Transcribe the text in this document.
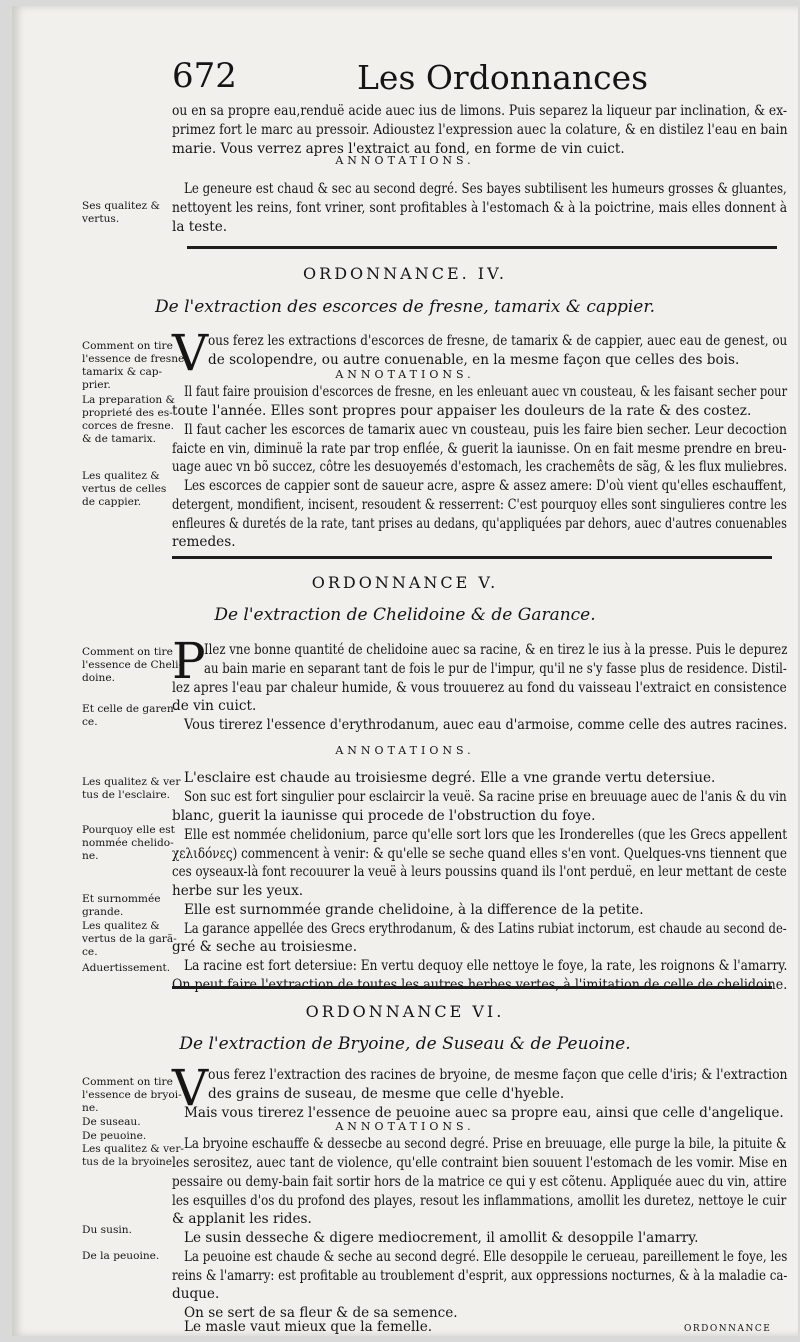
672	Les Ordonnances
ou en sa propre eau,renduë acide auec ius de limons. Puis separez la liqueur par inclination, & ex-
primez fort le marc au pressoir. Adioustez l'expression auec la colature, & en distilez l'eau en bain
marie. Vous verrez apres l'extraict au fond, en forme de vin cuict.
ANNOTATIONS.
Le geneure est chaud & sec au second degré. Ses bayes subtilisent les humeurs grosses & gluantes,
nettoyent les reins, font vriner, sont profitables à l'estomach & à la poictrine, mais elles donnent à
la teste.
Ses qualitez &
vertus.
ORDONNANCE. IV.
De l'extraction des escorces de fresne, tamarix & cappier.
V ous ferez les extractions d'escorces de fresne, de tamarix & de cappier, auec eau de genest, ou
de scolopendre, ou autre conuenable, en la mesme façon que celles des bois.
ANNOTATIONS.
Il faut faire prouision d'escorces de fresne, en les enleuant auec vn cousteau, & les faisant secher pour
toute l'année. Elles sont propres pour appaiser les douleurs de la rate & des costez.
Il faut cacher les escorces de tamarix auec vn cousteau, puis les faire bien secher. Leur decoction
faicte en vin, diminuë la rate par trop enflée, & guerit la iaunisse. On en fait mesme prendre en breu-
uage auec vn bõ succez, côtre les desuoyemés d'estomach, les crachemêts de sãg, & les flux muliebres.
Les escorces de cappier sont de saueur acre, aspre & assez amere: D'où vient qu'elles eschauffent,
detergent, mondifient, incisent, resoudent & resserrent: C'est pourquoy elles sont singulieres contre les
enfleures & duretés de la rate, tant prises au dedans, qu'appliquées par dehors, auec d'autres conuenables
remedes.
Comment on tire
l'essence de fresne
tamarix & cap-
prier.
La preparation &
proprieté des es-
corces de fresne.
& de tamarix.
Les qualitez &
vertus de celles
de cappier.
ORDONNANCE V.
De l'extraction de Chelidoine & de Garance.
P
Ilez vne bonne quantité de chelidoine auec sa racine, & en tirez le ius à la presse. Puis le depurez
au bain marie en separant tant de fois le pur de l'impur, qu'il ne s'y fasse plus de residence. Distil-
lez apres l'eau par chaleur humide, & vous trouuerez au fond du vaisseau l'extraict en consistence
de vin cuict.
Vous tirerez l'essence d'erythrodanum, auec eau d'armoise, comme celle des autres racines.
ANNOTATIONS.
L'esclaire est chaude au troisiesme degré. Elle a vne grande vertu detersiue.
Son suc est fort singulier pour esclaircir la veuë. Sa racine prise en breuuage auec de l'anis & du vin
blanc, guerit la iaunisse qui procede de l'obstruction du foye.
Elle est nommée chelidonium, parce qu'elle sort lors que les Ironderelles (que les Grecs appellent
χελιδόνες) commencent à venir: & qu'elle se seche quand elles s'en vont. Quelques-vns tiennent que
ces oyseaux-là font recouurer la veuë à leurs poussins quand ils l'ont perduë, en leur mettant de ceste
herbe sur les yeux.
Elle est surnommée grande chelidoine, à la difference de la petite.
La garance appellée des Grecs erythrodanum, & des Latins rubiat inctorum, est chaude au second de-
gré & seche au troisiesme.
La racine est fort detersiue: En vertu dequoy elle nettoye le foye, la rate, les roignons & l'amarry.
On peut faire l'extraction de toutes les autres herbes vertes, à l'imitation de celle de chelidoine.
Comment on tire
l'essence de Cheli-
doine.
Et celle de garen-
ce.
Les qualitez & ver
tus de l'esclaire.
Pourquoy elle est
nommée chelido-
ne.
Et surnommée
grande.
Les qualitez &
vertus de la garã-
ce.
Aduertissement.
ORDONNANCE VI.
De l'extraction de Bryoine, de Suseau & de Peuoine.
V ous ferez l'extraction des racines de bryoine, de mesme façon que celle d'iris; & l'extraction
des grains de suseau, de mesme que celle d'hyeble.
Mais vous tirerez l'essence de peuoine auec sa propre eau, ainsi que celle d'angelique.
ANNOTATIONS.
La bryoine eschauffe & dessecbe au second degré. Prise en breuuage, elle purge la bile, la pituite &
les serositez, auec tant de violence, qu'elle contraint bien souuent l'estomach de les vomir. Mise en
pessaire ou demy-bain fait sortir hors de la matrice ce qui y est cõtenu. Appliquée auec du vin, attire
les esquilles d'os du profond des playes, resout les inflammations, amollit les duretez, nettoye le cuir
& applanit les rides.
Le susin desseche & digere mediocrement, il amollit & desoppile l'amarry.
La peuoine est chaude & seche au second degré. Elle desoppile le cerueau, pareillement le foye, les
reins & l'amarry: est profitable au troublement d'esprit, aux oppressions nocturnes, & à la maladie ca-
duque.
On se sert de sa fleur & de sa semence.
Le masle vaut mieux que la femelle.
Comment on tire
l'essence de bryoi-
ne.
De suseau.
De peuoine.
Les qualitez & ver-
tus de la bryoine.
Du susin.
De la peuoine.
ORDONNANCE
